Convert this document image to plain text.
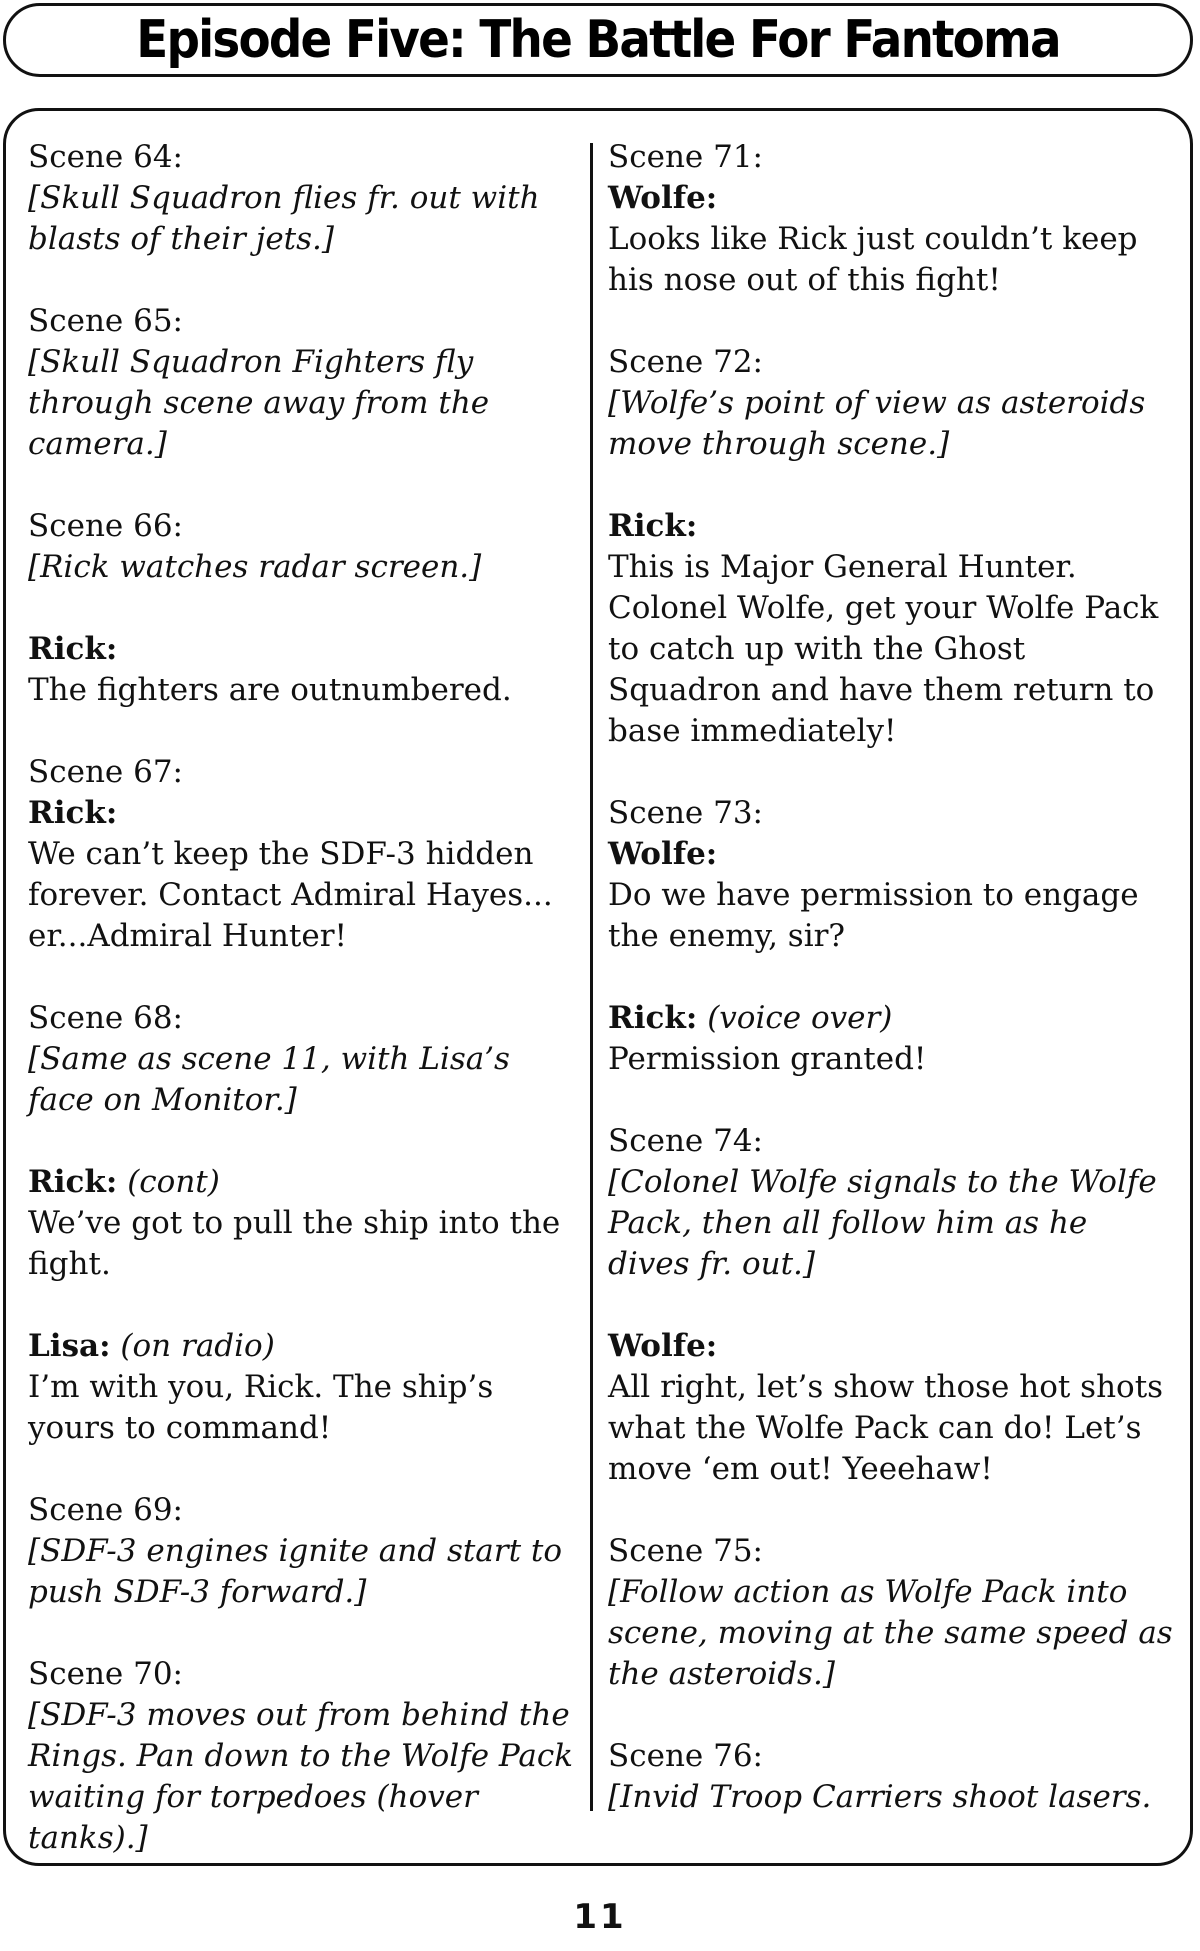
Episode Five: The Battle For Fantoma
Scene 64:
[Skull Squadron flies fr. out with blasts of their jets.]
Scene 65:
[Skull Squadron Fighters fly through scene away from the camera.]
Scene 66:
[Rick watches radar screen.]
Rick:
The fighters are outnumbered.
Scene 67:
Rick:
We can’t keep the SDF-3 hidden forever. Contact Admiral Hayes... er...Admiral Hunter!
Scene 68:
[Same as scene 11, with Lisa’s face on Monitor.]
Rick: (cont)
We’ve got to pull the ship into the fight.
Lisa: (on radio)
I’m with you, Rick. The ship’s yours to command!
Scene 69:
[SDF-3 engines ignite and start to push SDF-3 forward.]
Scene 70:
[SDF-3 moves out from behind the Rings. Pan down to the Wolfe Pack waiting for torpedoes (hover tanks).]
Scene 71:
Wolfe:
Looks like Rick just couldn’t keep his nose out of this fight!
Scene 72:
[Wolfe’s point of view as asteroids move through scene.]
Rick:
This is Major General Hunter. Colonel Wolfe, get your Wolfe Pack to catch up with the Ghost Squadron and have them return to base immediately!
Scene 73:
Wolfe:
Do we have permission to engage the enemy, sir?
Rick: (voice over)
Permission granted!
Scene 74:
[Colonel Wolfe signals to the Wolfe Pack, then all follow him as he dives fr. out.]
Wolfe:
All right, let’s show those hot shots what the Wolfe Pack can do! Let’s move ‘em out! Yeeehaw!
Scene 75:
[Follow action as Wolfe Pack into scene, moving at the same speed as the asteroids.]
Scene 76:
[Invid Troop Carriers shoot lasers.
11
